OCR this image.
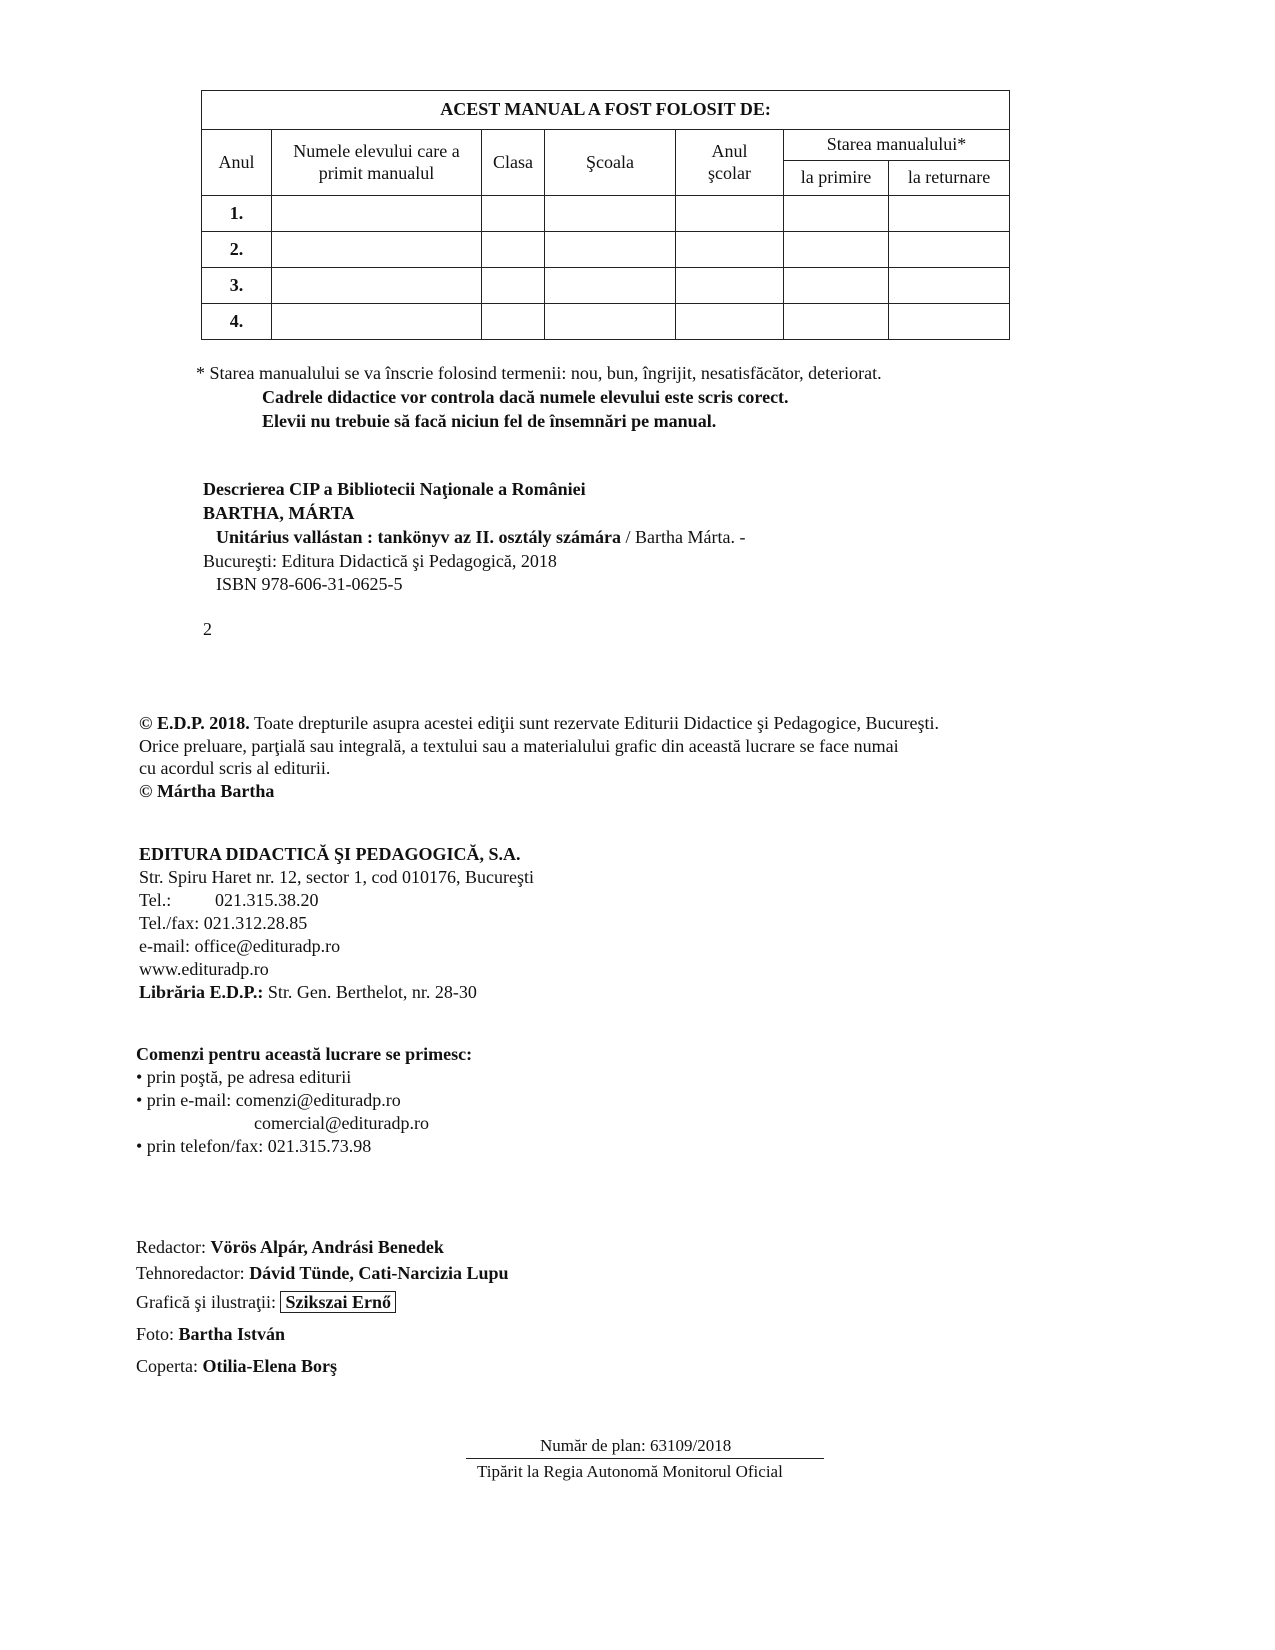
ACEST MANUAL A FOST FOLOSIT DE:						
Anul	Numele elevului care a primit manualul	Clasa	Şcoala	Anul şcolar	Starea manualului*	
					la primire	la returnare
1.						
2.						
3.						
4.						
* Starea manualului se va înscrie folosind termenii: nou, bun, îngrijit, nesatisfăcător, deteriorat.
Cadrele didactice vor controla dacă numele elevului este scris corect.
Elevii nu trebuie să facă niciun fel de însemnări pe manual.
Descrierea CIP a Bibliotecii Naţionale a României
BARTHA, MÁRTA
Unitárius vallástan : tankönyv az II. osztály számára / Bartha Márta. -
Bucureşti: Editura Didactică şi Pedagogică, 2018
ISBN 978-606-31-0625-5
2
© E.D.P. 2018. Toate drepturile asupra acestei ediţii sunt rezervate Editurii Didactice şi Pedagogice, Bucureşti.
Orice preluare, parţială sau integrală, a textului sau a materialului grafic din această lucrare se face numai
cu acordul scris al editurii.
© Mártha Bartha
EDITURA DIDACTICĂ ŞI PEDAGOGICĂ, S.A.
Str. Spiru Haret nr. 12, sector 1, cod 010176, Bucureşti
Tel.: 021.315.38.20
Tel./fax: 021.312.28.85
e-mail: office@edituradp.ro
www.edituradp.ro
Librăria E.D.P.: Str. Gen. Berthelot, nr. 28-30
Comenzi pentru această lucrare se primesc:
• prin poştă, pe adresa editurii
• prin e-mail: comenzi@edituradp.ro
comercial@edituradp.ro
• prin telefon/fax: 021.315.73.98
Redactor: Vörös Alpár, Andrási Benedek
Tehnoredactor: Dávid Tünde, Cati-Narcizia Lupu
Grafică şi ilustraţii: Szikszai Ernő
Foto: Bartha István
Coperta: Otilia-Elena Borş
Număr de plan: 63109/2018
Tipărit la Regia Autonomă Monitorul Oficial
